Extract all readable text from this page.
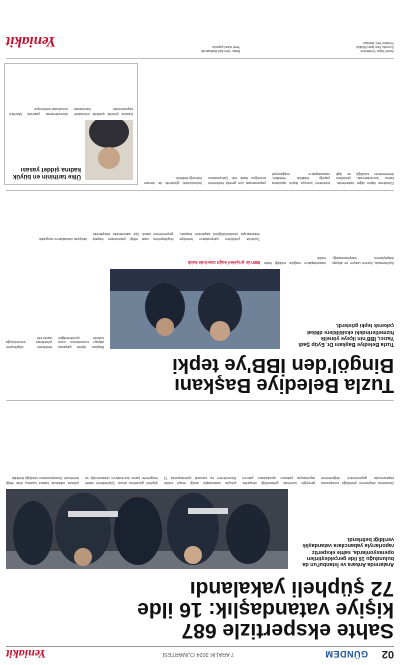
02
GÜNDEM
7 ARALIK 2024 CUMARTESİ
Yeniakit
Sahte ekspertizle 687
kişiye vatandaşlık: 16 ilde
72 şüpheli yakalandı
Aralarında Ankara ve İstanbul'un da bulunduğu 16 ilde gerçekleştirilen operasyonlarda, sahte ekspertiz raporlarıyla yabancılara vatandaşlık verildiği belirlendi.
Jandarma ekiplerinin yürüttüğü soruşturma kapsamında gayrimenkul değerlerinin gerçeğin üzerinde gösterildiği ekspertiz raporlarıyla yabancı uyrukluların yatırım yoluyla vatandaşlık aldığı tespit edildi. Düzenlenen eş zamanlı operasyonda 72 şüpheli gözaltına alındı. Şüphelilerin sahte belgelerle kamu kurumlarını dolandırdığı ve yüksek miktarda haksız kazanç elde ettiği belirlendi. Soruşturmanın sürdüğü bildirildi.
Tuzla Belediye Başkanı
Bingöl'den İBB'ye tepki
Tuzla Belediye Başkanı Dr. Eyüp Şadi Yazıcı, İBB'nin ilçeye yönelik hizmetlerindeki eksikliklere dikkat çekerek tepki gösterdi.
Başkan, ilçede yaşanan altyapı sorunlarının uzun süredir çözülmediğini belirterek büyükşehir yönetimini sorumluluğa davet etti.
Açıklamada, ilçenin ulaşım ve altyapı ihtiyaçlarının karşılanmadığı, vatandaşların mağdur edildiği ifade edildi.
İBB'nin projeleri kağıt üzerinde kaldı
Tuzla'da yürütülen çalışmaların belediye imkanlarıyla sürdürüldüğünü kaydeden başkan, büyükşehirin vaat ettiği yatırımların hayata geçirilmesini istedi. İlçe sakinlerinin taleplerinin takipçisi olacaklarını vurguladı.
Gündeme ilişkin diğer haberlerde, kamu kurumlarında yürütülen denetimlerin sürdüğü ve ilgili birimlerin konuya ilişkin açıklama yaptığı bildirildi. Yetkililer, vatandaşların mağduriyet yaşamaması için gerekli tedbirlerin alındığını ifade etti. Çalışmaların önümüzdeki günlerde de devam edeceği belirtildi.
Ülke tarihinin en büyük kadına şiddet yasası
Kadına yönelik şiddetle mücadele kapsamında hazırlanan düzenlemenin yakında Meclis'e sunulması bekleniyor.
Genel Yayın Yönetmeni
Sorumlu Yazı İşleri Müdürü
Yönetim Yeri: İstanbul
Baskı: Yeni Akit Matbaacılık
Yerel süreli yayındır
Yeniakit
